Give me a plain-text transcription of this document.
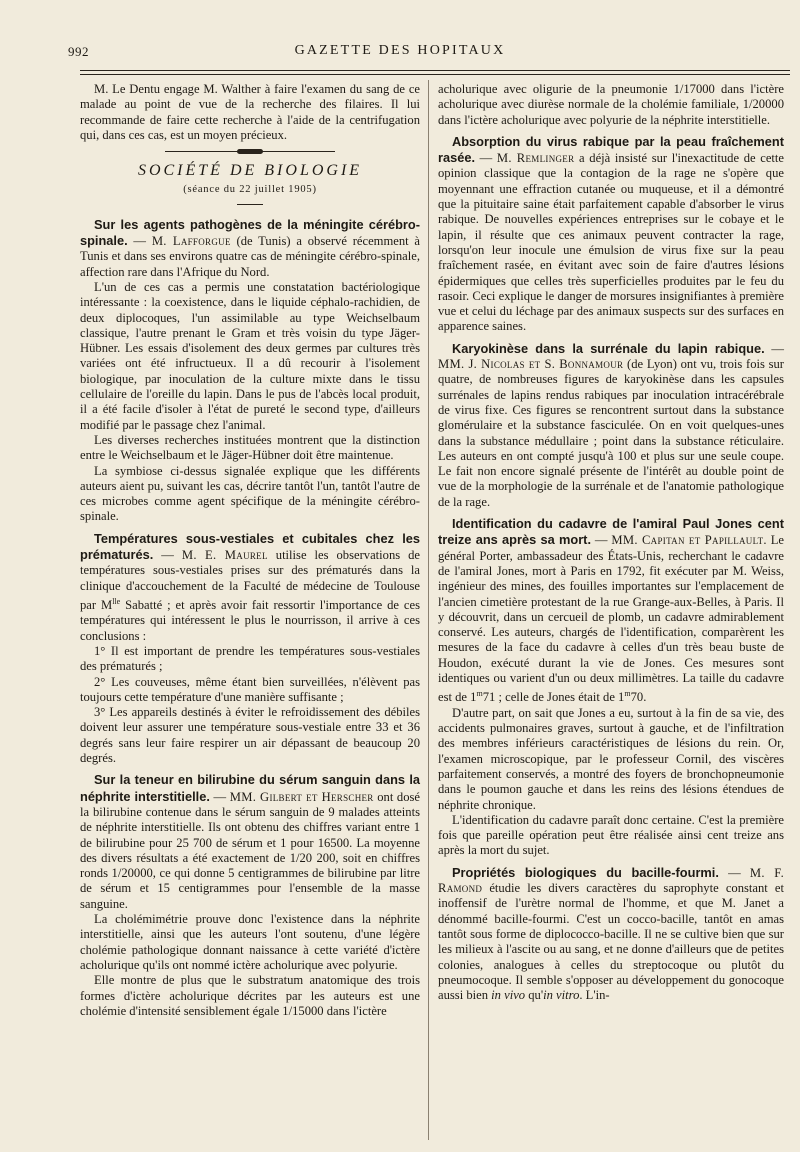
992	GAZETTE DES HOPITAUX

M. Le Dentu engage M. Walther à faire l'examen du sang de ce malade au point de vue de la recherche des filaires. Il lui recommande de faire cette recherche à l'aide de la centrifugation qui, dans ces cas, est un moyen précieux.

SOCIÉTÉ DE BIOLOGIE
(séance du 22 juillet 1905)

Sur les agents pathogènes de la méningite cérébro-spinale. — M. Lafforgue (de Tunis) a observé récemment à Tunis et dans ses environs quatre cas de méningite cérébro-spinale, affection rare dans l'Afrique du Nord.

L'un de ces cas a permis une constatation bactériologique intéressante : la coexistence, dans le liquide céphalo-rachidien, de deux diplocoques, l'un assimilable au type Weichselbaum classique, l'autre prenant le Gram et très voisin du type Jäger-Hübner. Les essais d'isolement des deux germes par cultures très variées ont été infructueux. Il a dû recourir à l'isolement biologique, par inoculation de la culture mixte dans le tissu cellulaire de l'oreille du lapin. Dans le pus de l'abcès local produit, il a été facile d'isoler à l'état de pureté le second type, d'ailleurs modifié par le passage chez l'animal.

Les diverses recherches instituées montrent que la distinction entre le Weichselbaum et le Jäger-Hübner doit être maintenue.

La symbiose ci-dessus signalée explique que les différents auteurs aient pu, suivant les cas, décrire tantôt l'un, tantôt l'autre de ces microbes comme agent spécifique de la méningite cérébro-spinale.

Températures sous-vestiales et cubitales chez les prématurés. — M. E. Maurel utilise les observations de températures sous-vestiales prises sur des prématurés dans la clinique d'accouchement de la Faculté de médecine de Toulouse par $M^{lle}$ Sabatté ; et après avoir fait ressortir l'importance de ces températures qui intéressent le plus le nourrisson, il arrive à ces conclusions :

1° Il est important de prendre les températures sous-vestiales des prématurés ;

2° Les couveuses, même étant bien surveillées, n'élèvent pas toujours cette température d'une manière suffisante ;

3° Les appareils destinés à éviter le refroidissement des débiles doivent leur assurer une température sous-vestiale entre 33 et 36 degrés sans leur faire respirer un air dépassant de beaucoup 20 degrés.

Sur la teneur en bilirubine du sérum sanguin dans la néphrite interstitielle. — MM. Gilbert et Herscher ont dosé la bilirubine contenue dans le sérum sanguin de 9 malades atteints de néphrite interstitielle. Ils ont obtenu des chiffres variant entre 1 de bilirubine pour 25 700 de sérum et 1 pour 16500. La moyenne des divers résultats a été exactement de 1/20 200, soit en chiffres ronds 1/20000, ce qui donne 5 centigrammes de bilirubine par litre de sérum et 15 centigrammes pour l'ensemble de la masse sanguine.

La cholémimétrie prouve donc l'existence dans la néphrite interstitielle, ainsi que les auteurs l'ont soutenu, d'une légère cholémie pathologique donnant naissance à cette variété d'ictère acholurique qu'ils ont nommé ictère acholurique avec polyurie.

Elle montre de plus que le substratum anatomique des trois formes d'ictère acholurique décrites par les auteurs est une cholémie d'intensité sensiblement égale 1/15000 dans l'ictère

acholurique avec oligurie de la pneumonie 1/17000 dans l'ictère acholurique avec diurèse normale de la cholémie familiale, 1/20000 dans l'ictère acholurique avec polyurie de la néphrite interstitielle.

Absorption du virus rabique par la peau fraîchement rasée. — M. Remlinger a déjà insisté sur l'inexactitude de cette opinion classique que la contagion de la rage ne s'opère que moyennant une effraction cutanée ou muqueuse, et il a démontré que la pituitaire saine était parfaitement capable d'absorber le virus rabique. De nouvelles expériences entreprises sur le cobaye et le lapin, il résulte que ces animaux peuvent contracter la rage, lorsqu'on leur inocule une émulsion de virus fixe sur la peau fraîchement rasée, en évitant avec soin de faire d'autres lésions épidermiques que celles très superficielles produites par le feu du rasoir. Ceci explique le danger de morsures insignifiantes à première vue et celui du léchage par des animaux suspects sur des surfaces en apparence saines.

Karyokinèse dans la surrénale du lapin rabique. — MM. J. Nicolas et S. Bonnamour (de Lyon) ont vu, trois fois sur quatre, de nombreuses figures de karyokinèse dans les capsules surrénales de lapins rendus rabiques par inoculation intracérébrale de virus fixe. Ces figures se rencontrent surtout dans la substance glomérulaire et la substance fasciculée. On en voit quelques-unes dans la substance médullaire ; point dans la substance réticulaire. Les auteurs en ont compté jusqu'à 100 et plus sur une seule coupe. Le fait non encore signalé présente de l'intérêt au double point de vue de la morphologie de la surrénale et de l'anatomie pathologique de la rage.

Identification du cadavre de l'amiral Paul Jones cent treize ans après sa mort. — MM. Capitan et Papillault. Le général Porter, ambassadeur des États-Unis, recherchant le cadavre de l'amiral Jones, mort à Paris en 1792, fit exécuter par M. Weiss, ingénieur des mines, des fouilles importantes sur l'emplacement de l'ancien cimetière protestant de la rue Grange-aux-Belles, à Paris. Il y découvrit, dans un cercueil de plomb, un cadavre admirablement conservé. Les auteurs, chargés de l'identification, comparèrent les mesures de la face du cadavre à celles d'un très beau buste de Houdon, exécuté durant la vie de Jones. Ces mesures sont identiques ou varient d'un ou deux millimètres. La taille du cadavre est de 1$^m$71 ; celle de Jones était de 1$^m$70.

D'autre part, on sait que Jones a eu, surtout à la fin de sa vie, des accidents pulmonaires graves, surtout à gauche, et de l'infiltration des membres inférieurs caractéristiques de lésions du rein. Or, l'examen microscopique, par le professeur Cornil, des viscères parfaitement conservés, a montré des foyers de bronchopneumonie dans le poumon gauche et dans les reins des lésions étendues de néphrite chronique.

L'identification du cadavre paraît donc certaine. C'est la première fois que pareille opération peut être réalisée ainsi cent treize ans après la mort du sujet.

Propriétés biologiques du bacille-fourmi. — M. F. Ramond étudie les divers caractères du saprophyte constant et inoffensif de l'urètre normal de l'homme, et que M. Janet a dénommé bacille-fourmi. C'est un cocco-bacille, tantôt en amas tantôt sous forme de diplococco-bacille. Il ne se cultive bien que sur les milieux à l'ascite ou au sang, et ne donne d'ailleurs que de petites colonies, analogues à celles du streptocoque ou plutôt du pneumocoque. Il semble s'opposer au développement du gonocoque aussi bien in vivo qu'in vitro. L'in-
